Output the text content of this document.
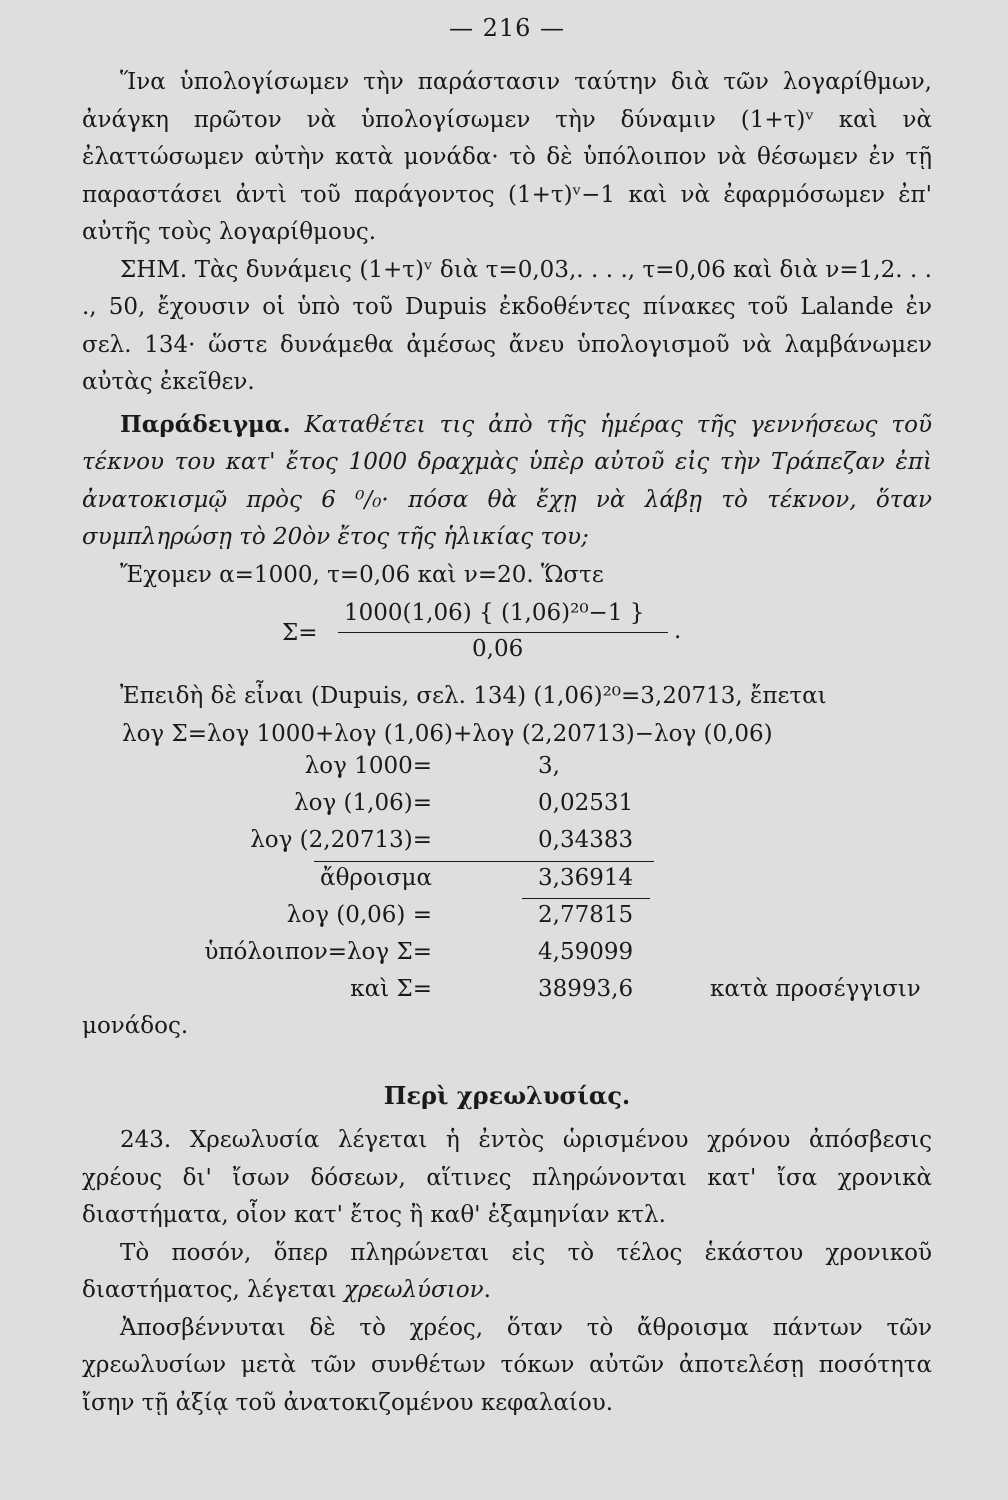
— 216 —

Ἵνα ὑπολογίσωμεν τὴν παράστασιν ταύτην διὰ τῶν λογαρίθμων, ἀνάγκη πρῶτον νὰ ὑπολογίσωμεν τὴν δύναμιν (1+τ)ᵛ καὶ νὰ ἐλαττώσωμεν αὐτὴν κατὰ μονάδα· τὸ δὲ ὑπόλοιπον νὰ θέσωμεν ἐν τῇ παραστάσει ἀντὶ τοῦ παράγοντος (1+τ)ᵛ−1 καὶ νὰ ἐφαρμόσωμεν ἐπ' αὐτῆς τοὺς λογαρίθμους.

ΣΗΜ. Τὰς δυνάμεις (1+τ)ᵛ διὰ τ=0,03,. . . ., τ=0,06 καὶ διὰ ν=1,2. . . ., 50, ἔχουσιν οἱ ὑπὸ τοῦ Dupuis ἐκδοθέντες πίνακες τοῦ Lalande ἐν σελ. 134· ὥστε δυνάμεθα ἀμέσως ἄνευ ὑπολογισμοῦ νὰ λαμβάνωμεν αὐτὰς ἐκεῖθεν.

Παράδειγμα. Καταθέτει τις ἀπὸ τῆς ἡμέρας τῆς γεννήσεως τοῦ τέκνου του κατ' ἔτος 1000 δραχμὰς ὑπὲρ αὐτοῦ εἰς τὴν Τράπεζαν ἐπὶ ἀνατοκισμῷ πρὸς 6 ⁰/₀· πόσα θὰ ἔχῃ νὰ λάβῃ τὸ τέκνον, ὅταν συμπληρώσῃ τὸ 20ὸν ἔτος τῆς ἡλικίας του;

Ἔχομεν α=1000, τ=0,06 καὶ ν=20. Ὥστε

Σ=
1000(1,06) { (1,06)²⁰−1 }
0,06
.

Ἐπειδὴ δὲ εἶναι (Dupuis, σελ. 134) (1,06)²⁰=3,20713, ἔπεται

λογ Σ=λογ 1000+λογ (1,06)+λογ (2,20713)−λογ (0,06)

λογ 1000=	3,
λογ (1,06)=	0,02531
λογ (2,20713)=	0,34383
ἄθροισμα	3,36914
λογ (0,06) =	2,77815
ὑπόλοιπον=λογ Σ=	4,59099
καὶ Σ=	38993,6	κατὰ προσέγγισιν
μονάδος.
Περὶ χρεωλυσίας.

243. Χρεωλυσία λέγεται ἡ ἐντὸς ὡρισμένου χρόνου ἀπόσβεσις χρέους δι' ἴσων δόσεων, αἵτινες πληρώνονται κατ' ἴσα χρονικὰ διαστήματα, οἷον κατ' ἔτος ἢ καθ' ἑξαμηνίαν κτλ.

Τὸ ποσόν, ὅπερ πληρώνεται εἰς τὸ τέλος ἑκάστου χρονικοῦ διαστήματος, λέγεται χρεωλύσιον.

Ἀποσβέννυται δὲ τὸ χρέος, ὅταν τὸ ἄθροισμα πάντων τῶν χρεωλυσίων μετὰ τῶν συνθέτων τόκων αὐτῶν ἀποτελέσῃ ποσότητα ἴσην τῇ ἀξίᾳ τοῦ ἀνατοκιζομένου κεφαλαίου.
